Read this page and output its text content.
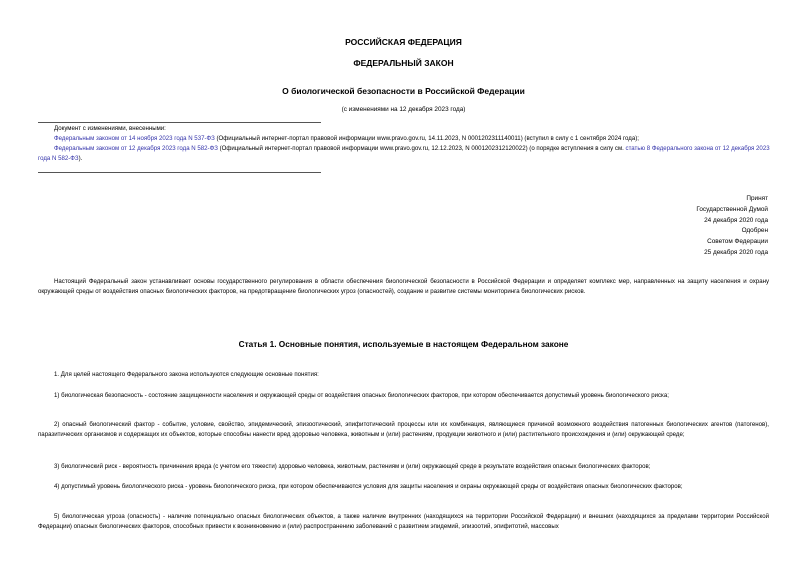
РОССИЙСКАЯ ФЕДЕРАЦИЯ
ФЕДЕРАЛЬНЫЙ ЗАКОН
О биологической безопасности в Российской Федерации
(с изменениями на 12 декабря 2023 года)

Документ с изменениями, внесенными:

Федеральным законом от 14 ноября 2023 года N 537-ФЗ (Официальный интернет-портал правовой информации www.pravo.gov.ru, 14.11.2023, N 0001202311140011) (вступил в силу с 1 сентября 2024 года);

Федеральным законом от 12 декабря 2023 года N 582-ФЗ (Официальный интернет-портал правовой информации www.pravo.gov.ru, 12.12.2023, N 0001202312120022) (о порядке вступления в силу см. статью 8 Федерального закона от 12 декабря 2023 года N 582-ФЗ).

Принят
Государственной Думой
24 декабря 2020 года
Одобрен
Советом Федерации
25 декабря 2020 года
Настоящий Федеральный закон устанавливает основы государственного регулирования в области обеспечения биологической безопасности в Российской Федерации и определяет комплекс мер, направленных на защиту населения и охрану окружающей среды от воздействия опасных биологических факторов, на предотвращение биологических угроз (опасностей), создание и развитие системы мониторинга биологических рисков.
Статья 1. Основные понятия, используемые в настоящем Федеральном законе
1. Для целей настоящего Федерального закона используются следующие основные понятия:
1) биологическая безопасность - состояние защищенности населения и окружающей среды от воздействия опасных биологических факторов, при котором обеспечивается допустимый уровень биологического риска;
2) опасный биологический фактор - событие, условие, свойство, эпидемический, эпизоотический, эпифитотический процессы или их комбинация, являющиеся причиной возможного воздействия патогенных биологических агентов (патогенов), паразитических организмов и содержащих их объектов, которые способны нанести вред здоровью человека, животным и (или) растениям, продукции животного и (или) растительного происхождения и (или) окружающей среде;
3) биологический риск - вероятность причинения вреда (с учетом его тяжести) здоровью человека, животным, растениям и (или) окружающей среде в результате воздействия опасных биологических факторов;
4) допустимый уровень биологического риска - уровень биологического риска, при котором обеспечиваются условия для защиты населения и охраны окружающей среды от воздействия опасных биологических факторов;
5) биологическая угроза (опасность) - наличие потенциально опасных биологических объектов, а также наличие внутренних (находящихся на территории Российской Федерации) и внешних (находящихся за пределами территории Российской Федерации) опасных биологических факторов, способных привести к возникновению и (или) распространению заболеваний с развитием эпидемий, эпизоотий, эпифитотий, массовых
